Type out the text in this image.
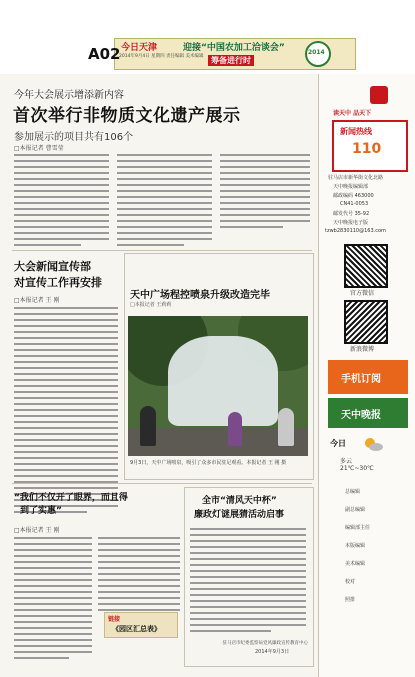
A02 今日天津
2014年9月4日 星期四 责任编辑 美术编辑
迎接“中国农加工洽谈会”
筹备进行时
2014
今年大会展示增添新内容
首次举行非物质文化遗产展示
参加展示的项目共有106个
□本报记者 曹雪莹
大会新闻宣传部
对宣传工作再安排
□本报记者 王 刚	天中广场程控喷泉升级改造完毕
□本报记者 王莉莉
9月3日，天中广场喷泉，吸引了众多市民驻足观看。本报记者 王 刚 摄
“我们不仅开了眼界，而且得
到了实惠”
□本报记者 王 刚
链接
《园区汇总表》
全市“清风天中杯”
廉政灯谜展猜活动启事
驻马店市纪委监察局党风廉政宣传教育中心
2014年9月3日
读天中 品天下
新闻热线
110
驻马店市新华街文化北路
天中晚报编辑部
邮政编码 463000
CN41-0053
邮发代号 35-92
天中晚报电子版
tzwb2830110@163.com
官方微信
新浪微博
手机订阅
天中晚报
今日
多云
21℃~30℃
总编辑
副总编辑
编辑部主任
本版编辑
美术编辑
校对
照排
